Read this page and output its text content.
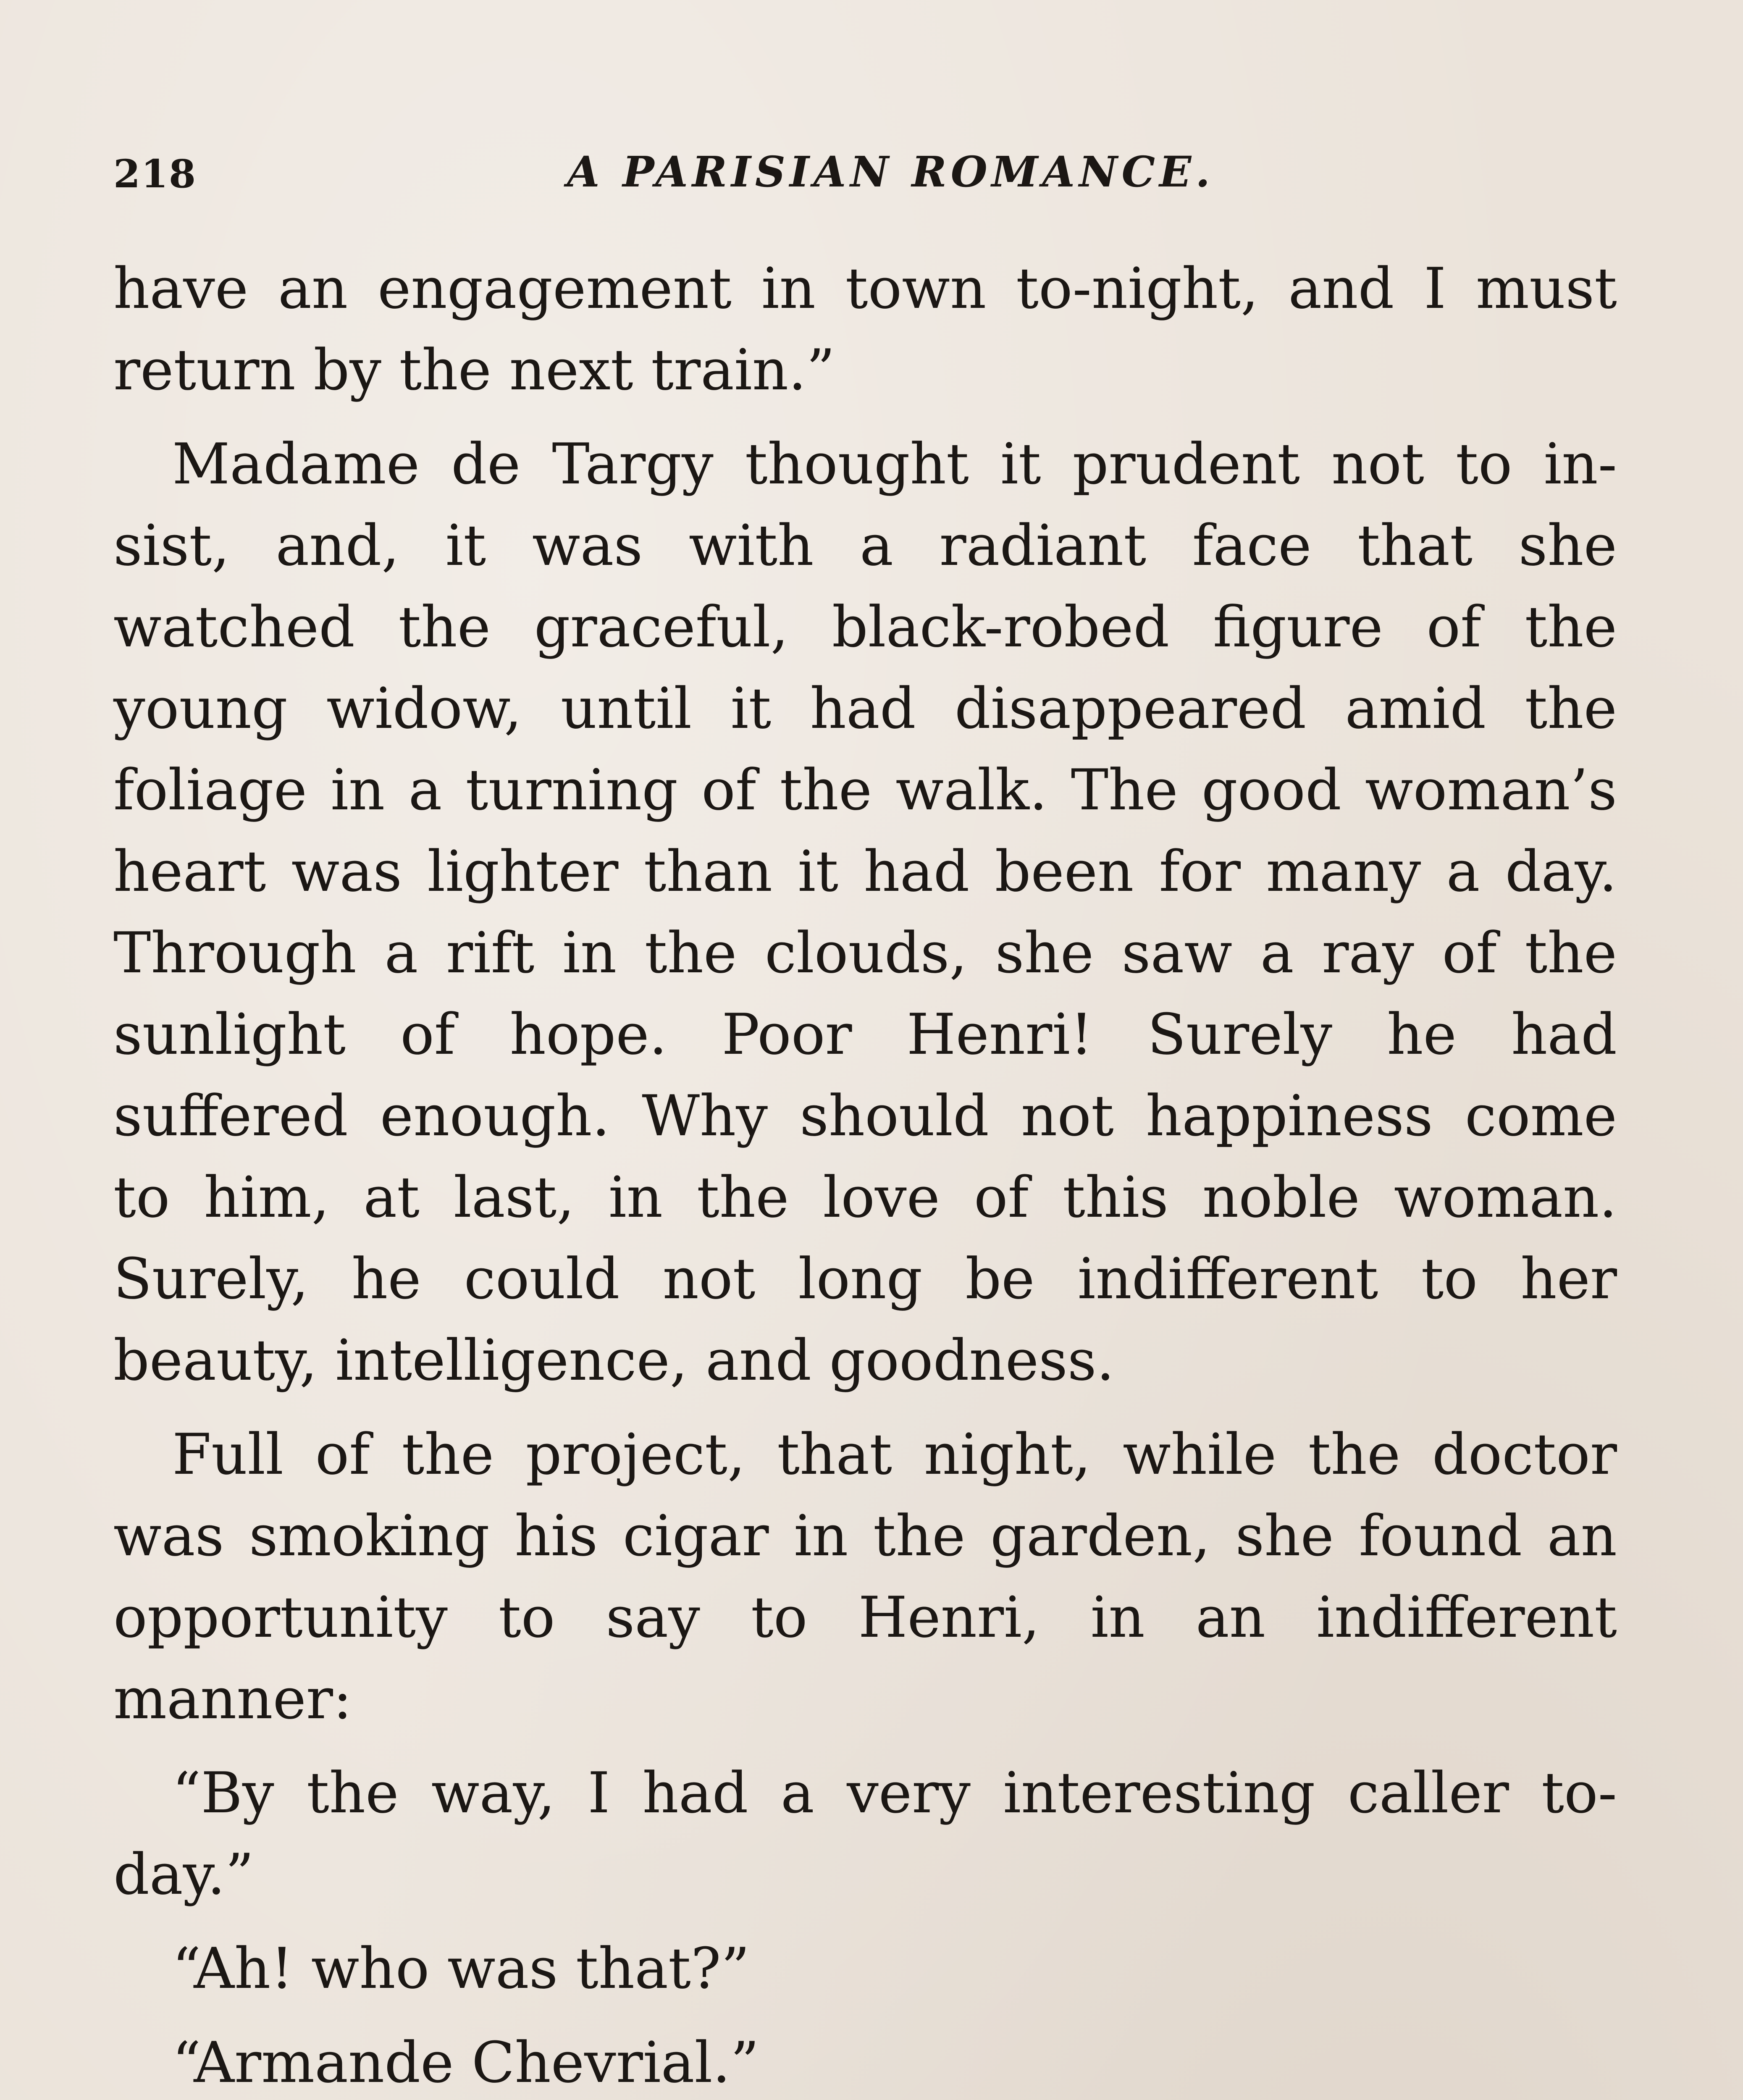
218	A PARISIAN ROMANCE.
have an engagement in town to-night, and I must
return by the next train.”
Madame de Targy thought it prudent not to in-
sist, and, it was with a radiant face that she
watched the graceful, black-robed figure of the
young widow, until it had disappeared amid the
foliage in a turning of the walk. The good woman’s
heart was lighter than it had been for many a day.
Through a rift in the clouds, she saw a ray of the
sunlight of hope. Poor Henri! Surely he had
suffered enough. Why should not happiness come
to him, at last, in the love of this noble woman.
Surely, he could not long be indifferent to her
beauty, intelligence, and goodness.
Full of the project, that night, while the doctor
was smoking his cigar in the garden, she found an
opportunity to say to Henri, in an indifferent
manner:
“By the way, I had a very interesting caller to-
day.”
“Ah! who was that?”
“Armande Chevrial.”
